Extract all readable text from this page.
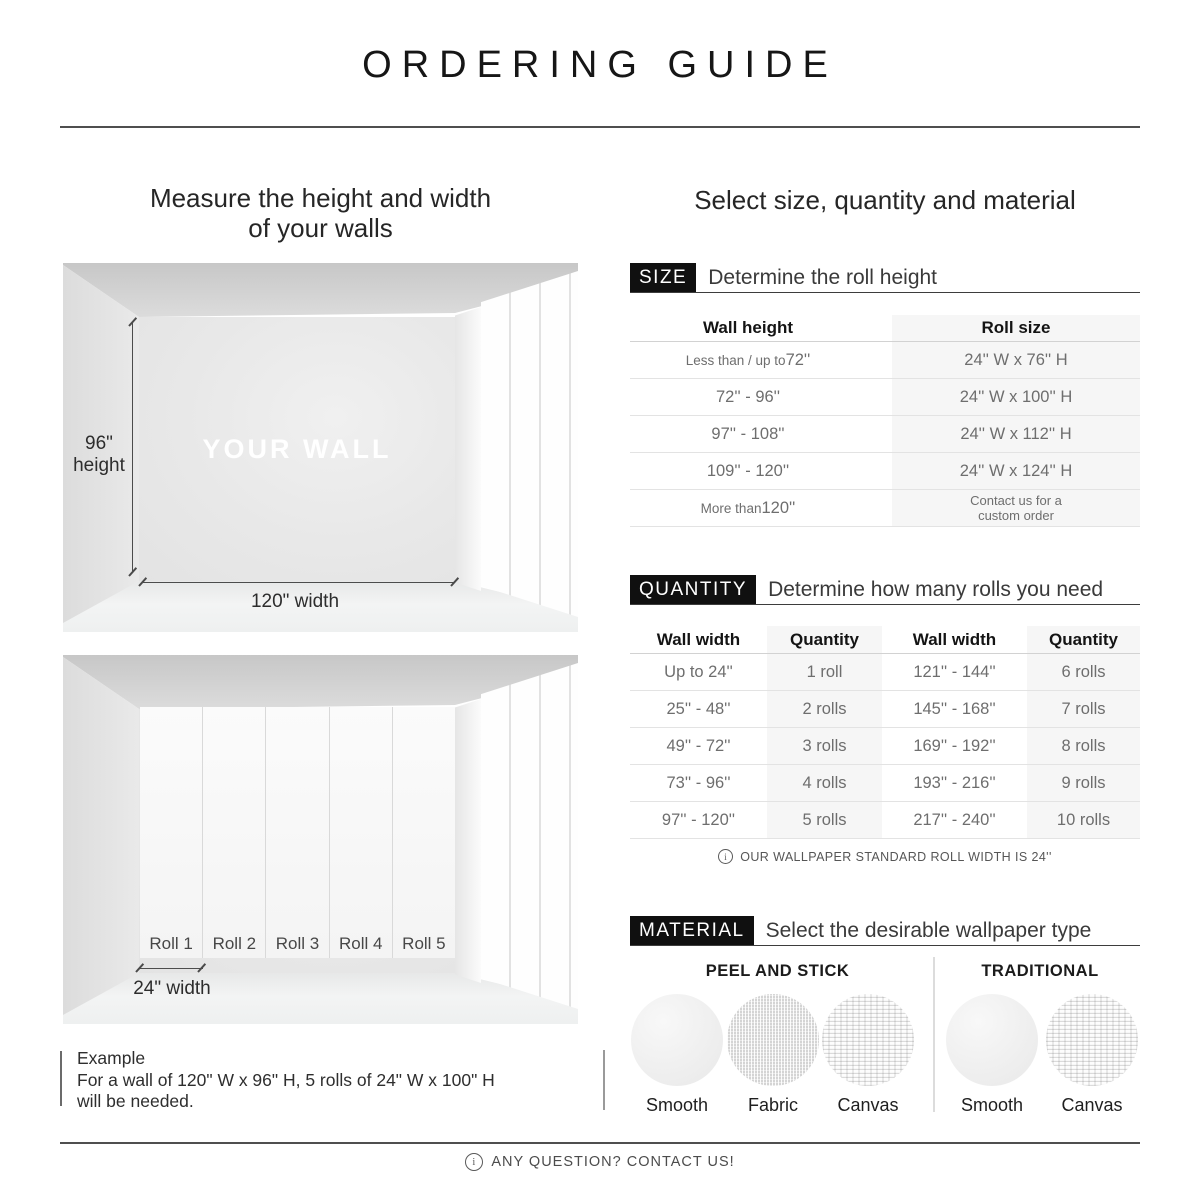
ORDERING GUIDE
Measure the height and width
of your walls
Select size, quantity and material
YOUR WALL
96"
height
120" width
Roll 1	Roll 2	Roll 3	Roll 4	Roll 5
24" width
Example
For a wall of 120" W x 96" H, 5 rolls of 24" W x 100" H
will be needed.
SIZE	Determine the roll height
Wall height	Roll size
Less than / up to 72''	24'' W x 76'' H
72'' - 96''	24'' W x 100'' H
97'' - 108''	24'' W x 112'' H
109'' - 120''	24'' W x 124'' H
More than 120''	Contact us for a custom order
QUANTITY	Determine how many rolls you need
Wall width	Quantity	Wall width	Quantity
Up to 24''	1 roll	121'' - 144''	6 rolls
25'' - 48''	2 rolls	145'' - 168''	7 rolls
49'' - 72''	3 rolls	169'' - 192''	8 rolls
73'' - 96''	4 rolls	193'' - 216''	9 rolls
97'' - 120''	5 rolls	217'' - 240''	10 rolls
i
OUR WALLPAPER STANDARD ROLL WIDTH IS 24''
MATERIAL	Select the desirable wallpaper type
PEEL AND STICK	TRADITIONAL
Smooth	Fabric	Canvas	Smooth	Canvas
i
ANY QUESTION? CONTACT US!
